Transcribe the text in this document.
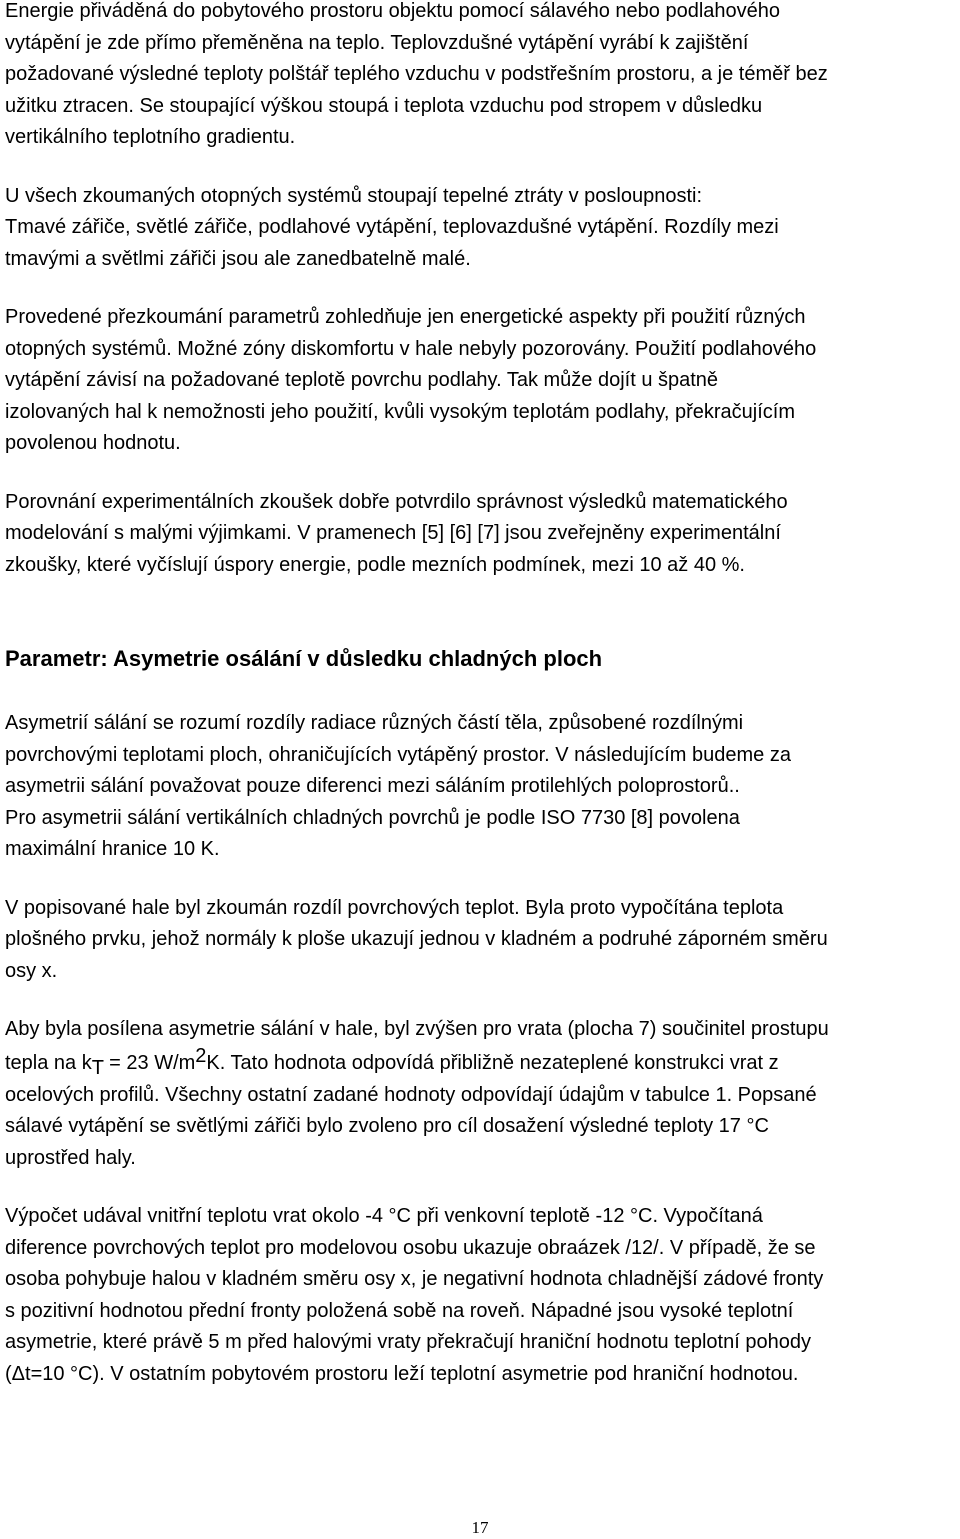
Energie přiváděná do pobytového prostoru objektu pomocí sálavého nebo podlahového

vytápění je zde přímo přeměněna na teplo. Teplovzdušné vytápění vyrábí k zajištění

požadované výsledné teploty polštář teplého vzduchu v podstřešním prostoru, a je téměř bez

užitku ztracen. Se stoupající výškou stoupá i teplota vzduchu pod stropem v důsledku

vertikálního teplotního gradientu.

U všech zkoumaných otopných systémů stoupají tepelné ztráty v posloupnosti:

Tmavé zářiče, světlé zářiče, podlahové vytápění, teplovazdušné vytápění. Rozdíly mezi

tmavými a světlmi zářiči jsou ale zanedbatelně malé.

Provedené přezkoumání parametrů zohledňuje jen energetické aspekty při použití různých

otopných systémů. Možné zóny diskomfortu v hale nebyly pozorovány. Použití podlahového

vytápění závisí na požadované teplotě povrchu podlahy. Tak může dojít u špatně

izolovaných hal k nemožnosti jeho použití, kvůli vysokým teplotám podlahy, překračujícím

povolenou hodnotu.

Porovnání experimentálních zkoušek dobře potvrdilo správnost výsledků matematického

modelování s malými výjimkami. V pramenech [5] [6] [7] jsou zveřejněny experimentální

zkoušky, které vyčíslují úspory energie, podle mezních podmínek, mezi 10 až 40 %.

Parametr: Asymetrie osálání v důsledku chladných ploch

Asymetrií sálání se rozumí rozdíly radiace různých částí těla, způsobené rozdílnými

povrchovými teplotami ploch, ohraničujících vytápěný prostor. V následujícím budeme za

asymetrii sálání považovat pouze diferenci mezi sáláním protilehlých poloprostorů..

Pro asymetrii sálání vertikálních chladných povrchů je podle ISO 7730 [8] povolena

maximální hranice 10 K.

V popisované hale byl zkoumán rozdíl povrchových teplot. Byla proto vypočítána teplota

plošného prvku, jehož normály k ploše ukazují jednou v kladném a podruhé záporném směru

osy x.

Aby byla posílena asymetrie sálání v hale, byl zvýšen pro vrata (plocha 7) součinitel prostupu

tepla na kT = 23 W/m2K. Tato hodnota odpovídá přibližně nezateplené konstrukci vrat z

ocelových profilů. Všechny ostatní zadané hodnoty odpovídají údajům v tabulce 1. Popsané

sálavé vytápění se světlými zářiči bylo zvoleno pro cíl dosažení výsledné teploty 17 °C

uprostřed haly.

Výpočet udával vnitřní teplotu vrat okolo -4 °C při venkovní teplotě -12 °C. Vypočítaná

diference povrchových teplot pro modelovou osobu ukazuje obraázek /12/. V případě, že se

osoba pohybuje halou v kladném směru osy x, je negativní hodnota chladnější zádové fronty

s pozitivní hodnotou přední fronty položená sobě na roveň. Nápadné jsou vysoké teplotní

asymetrie, které právě 5 m před halovými vraty překračují hraniční hodnotu teplotní pohody

(Δt=10 °C). V ostatním pobytovém prostoru leží teplotní asymetrie pod hraniční hodnotou.

17
